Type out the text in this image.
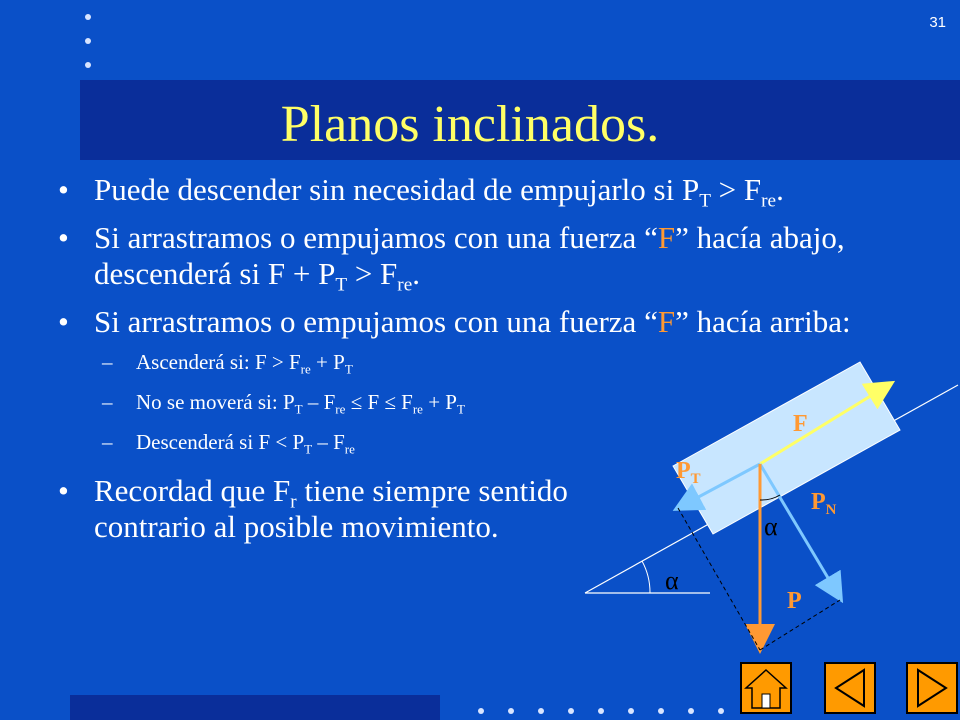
31
Planos inclinados.
• Puede descender sin necesidad de empujarlo si $P_T > F_{re}$.
• Si arrastramos o empujamos con una fuerza “F” hacía abajo, descenderá si $F + P_T > F_{re}$.
• Si arrastramos o empujamos con una fuerza “F” hacía arriba:
– Ascenderá si: $F > F_{re} + P_T$
– No se moverá si: $P_T - F_{re} \le F \le F_{re} + P_T$
– Descenderá si $F < P_T - F_{re}$
• Recordad que $F_r$ tiene siempre sentido contrario al posible movimiento.
F
$P_T$
$P_N$
P
α
α
